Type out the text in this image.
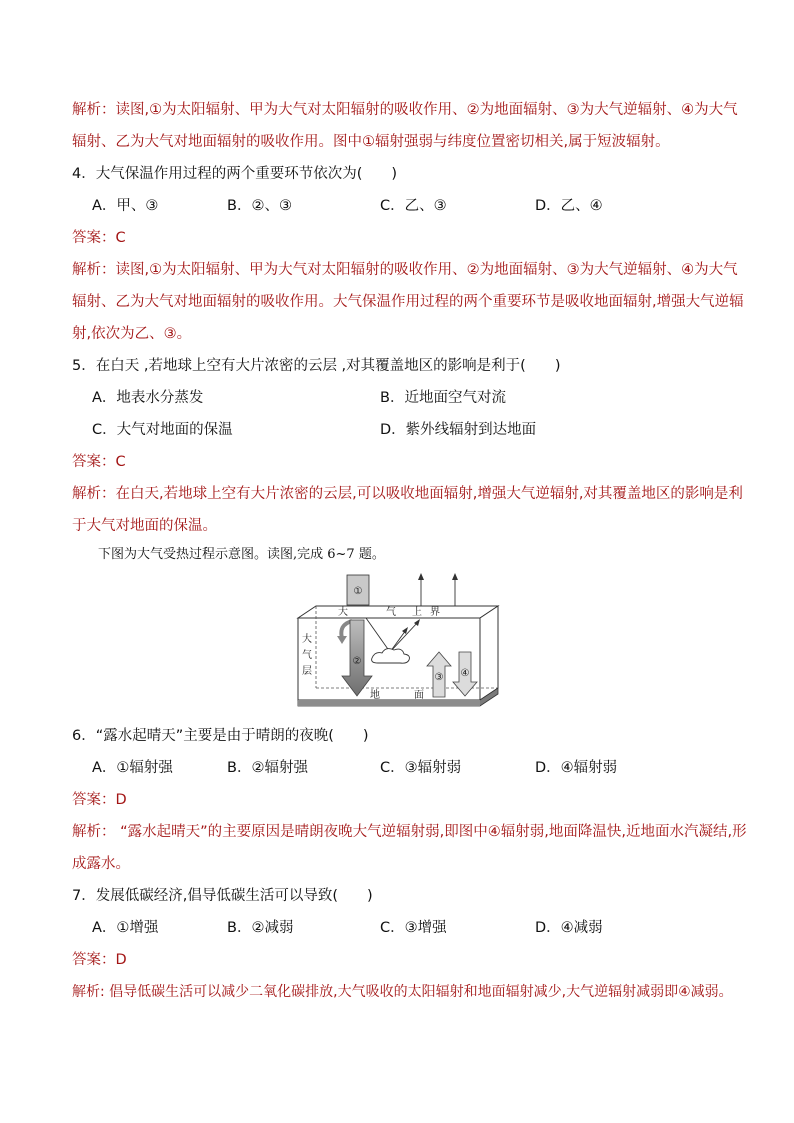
解析：读图,①为太阳辐射、甲为大气对太阳辐射的吸收作用、②为地面辐射、③为大气逆辐射、④为大气
辐射、乙为大气对地面辐射的吸收作用。图中①辐射强弱与纬度位置密切相关,属于短波辐射。
4．大气保温作用过程的两个重要环节依次为(　　)
A．甲、③	B．②、③	C．乙、③	D．乙、④
答案：C
解析：读图,①为太阳辐射、甲为大气对太阳辐射的吸收作用、②为地面辐射、③为大气逆辐射、④为大气
辐射、乙为大气对地面辐射的吸收作用。大气保温作用过程的两个重要环节是吸收地面辐射,增强大气逆辐
射,依次为乙、③。
5．在白天 ,若地球上空有大片浓密的云层 ,对其覆盖地区的影响是利于(　　)
A．地表水分蒸发	B．近地面空气对流
C．大气对地面的保温	D．紫外线辐射到达地面
答案：C
解析：在白天,若地球上空有大片浓密的云层,可以吸收地面辐射,增强大气逆辐射,对其覆盖地区的影响是利
于大气对地面的保温。
下图为大气受热过程示意图。读图,完成 6~7 题。
①
大	气 上 界
大
气
层
②
③ ④
地	面
6．“露水起晴天”主要是由于晴朗的夜晚(　　)
A．①辐射强	B．②辐射强	C．③辐射弱	D．④辐射弱
答案：D
解析： “露水起晴天”的主要原因是晴朗夜晚大气逆辐射弱,即图中④辐射弱,地面降温快,近地面水汽凝结,形
成露水。
7．发展低碳经济,倡导低碳生活可以导致(　　)
A．①增强	B．②减弱	C．③增强	D．④减弱
答案：D
解析: 倡导低碳生活可以减少二氧化碳排放,大气吸收的太阳辐射和地面辐射减少,大气逆辐射减弱即④减弱。
